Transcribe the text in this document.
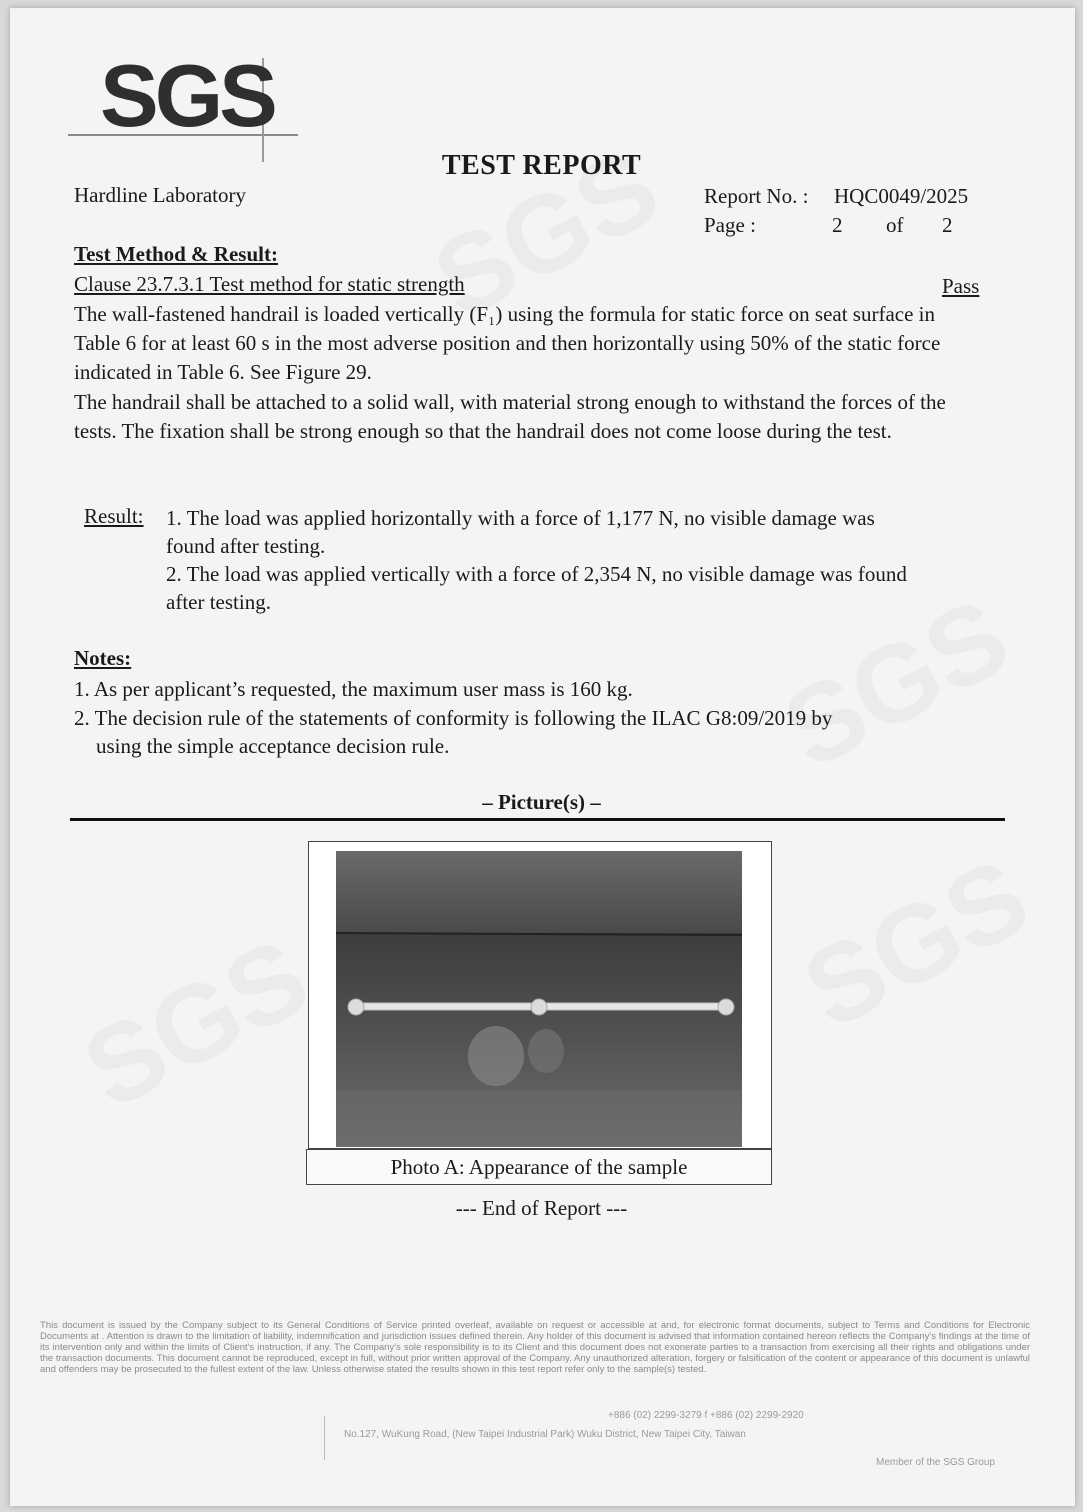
SGS
TEST REPORT
Hardline Laboratory	Report No. : HQC0049/2025
Page :	2 of 2
Test Method & Result:
Clause 23.7.3.1 Test method for static strength	Pass
The wall-fastened handrail is loaded vertically (F₁) using the formula for static force on seat surface in Table 6 for at least 60 s in the most adverse position and then horizontally using 50% of the static force indicated in Table 6. See Figure 29.
The handrail shall be attached to a solid wall, with material strong enough to withstand the forces of the tests. The fixation shall be strong enough so that the handrail does not come loose during the test.
Result: 1. The load was applied horizontally with a force of 1,177 N, no visible damage was found after testing.
2. The load was applied vertically with a force of 2,354 N, no visible damage was found after testing.
Notes:
1. As per applicant’s requested, the maximum user mass is 160 kg.
2. The decision rule of the statements of conformity is following the ILAC G8:09/2019 by
using the simple acceptance decision rule.
– Picture(s) –
Photo A: Appearance of the sample
--- End of Report ---
This document is issued by the Company subject to its General Conditions of Service printed overleaf, available on request or accessible at and, for electronic format documents, subject to Terms and Conditions for Electronic Documents at . Attention is drawn to the limitation of liability, indemnification and jurisdiction issues defined therein. Any holder of this document is advised that information contained hereon reflects the Company's findings at the time of its intervention only and within the limits of Client's instruction, if any. The Company's sole responsibility is to its Client and this document does not exonerate parties to a transaction from exercising all their rights and obligations under the transaction documents. This document cannot be reproduced, except in full, without prior written approval of the Company. Any unauthorized alteration, forgery or falsification of the content or appearance of this document is unlawful and offenders may be prosecuted to the fullest extent of the law. Unless otherwise stated the results shown in this test report refer only to the sample(s) tested.
+886 (02) 2299-3279 f +886 (02) 2299-2920
No.127, WuKung Road, (New Taipei Industrial Park) Wuku District, New Taipei City, Taiwan
Member of the SGS Group
